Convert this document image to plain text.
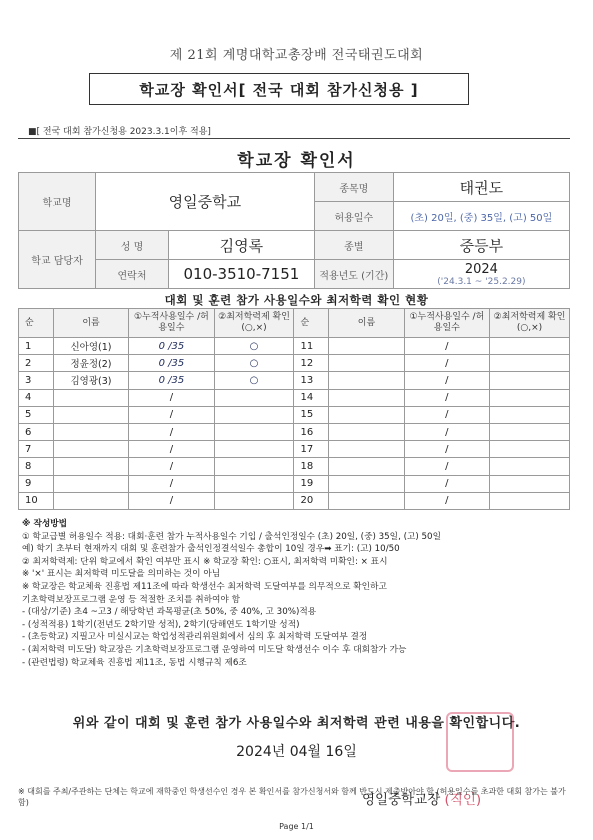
제 21회 계명대학교총장배 전국태권도대회
학교장 확인서[ 전국 대회 참가신청용 ]
■[ 전국 대회 참가신청용 2023.3.1이후 적용]
학교장 확인서
학교명	영일중학교		종목명	태권도
			허용일수	(초) 20일, (중) 35일, (고) 50일
학교 담당자	성 명	김영록	종별	중등부
	연락처	010-3510-7151	적용년도 (기간)	2024
('24.3.1 ~ '25.2.29)
대회 및 훈련 참가 사용일수와 최저학력 확인 현황
순	이름	①누적사용일수 /허용일수	②최저학력제 확인(○,×)	순	이름	①누적사용일수 /허용일수	②최저학력제 확인(○,×)
1	신아영(1)	0 /35	○	11		/	
2	정윤정(2)	0 /35	○	12		/	
3	김영광(3)	0 /35	○	13		/	
4		/		14		/	
5		/		15		/	
6		/		16		/	
7		/		17		/	
8		/		18		/	
9		/		19		/	
10		/		20		/	
※ 작성방법
① 학교급별 허용일수 적용: 대회·훈련 참가 누적사용일수 기입 / 출석인정일수 (초) 20일, (중) 35일, (고) 50일
예) 학기 초부터 현재까지 대회 및 훈련참가 출석인정결석일수 총합이 10일 경우➡ 표기: (고) 10/50
② 최저학력제: 단위 학교에서 확인 여부만 표시 ※ 학교장 확인: ○표시, 최저학력 미확인: × 표시
※ '×' 표시는 최저학력 미도달을 의미하는 것이 아님
※ 학교장은 학교체육 진흥법 제11조에 따라 학생선수 최저학력 도달여부를 의무적으로 확인하고
기초학력보장프로그램 운영 등 적절한 조치를 취하여야 함
- (대상/기준) 초4 ~고3 / 해당학년 과목평균(초 50%, 중 40%, 고 30%)적용
- (성적적용) 1학기(전년도 2학기말 성적), 2학기(당해연도 1학기말 성적)
- (초등학교) 지필고사 미실시교는 학업성적관리위원회에서 심의 후 최저학력 도달여부 결정
- (최저학력 미도달) 학교장은 기초학력보장프로그램 운영하여 미도달 학생선수 이수 후 대회참가 가능
- (관련법령) 학교체육 진흥법 제11조, 동법 시행규칙 제6조
위와 같이 대회 및 훈련 참가 사용일수와 최저학력 관련 내용을 확인합니다.
2024년 04월 16일
영일중학교장 (직인)
※ 대회를 주최/주관하는 단체는 학교에 재학중인 학생선수인 경우 본 확인서를 참가신청서와 함께 반드시 제출받아야 함 (허용일수를 초과한 대회 참가는 불가함)
Page 1/1
